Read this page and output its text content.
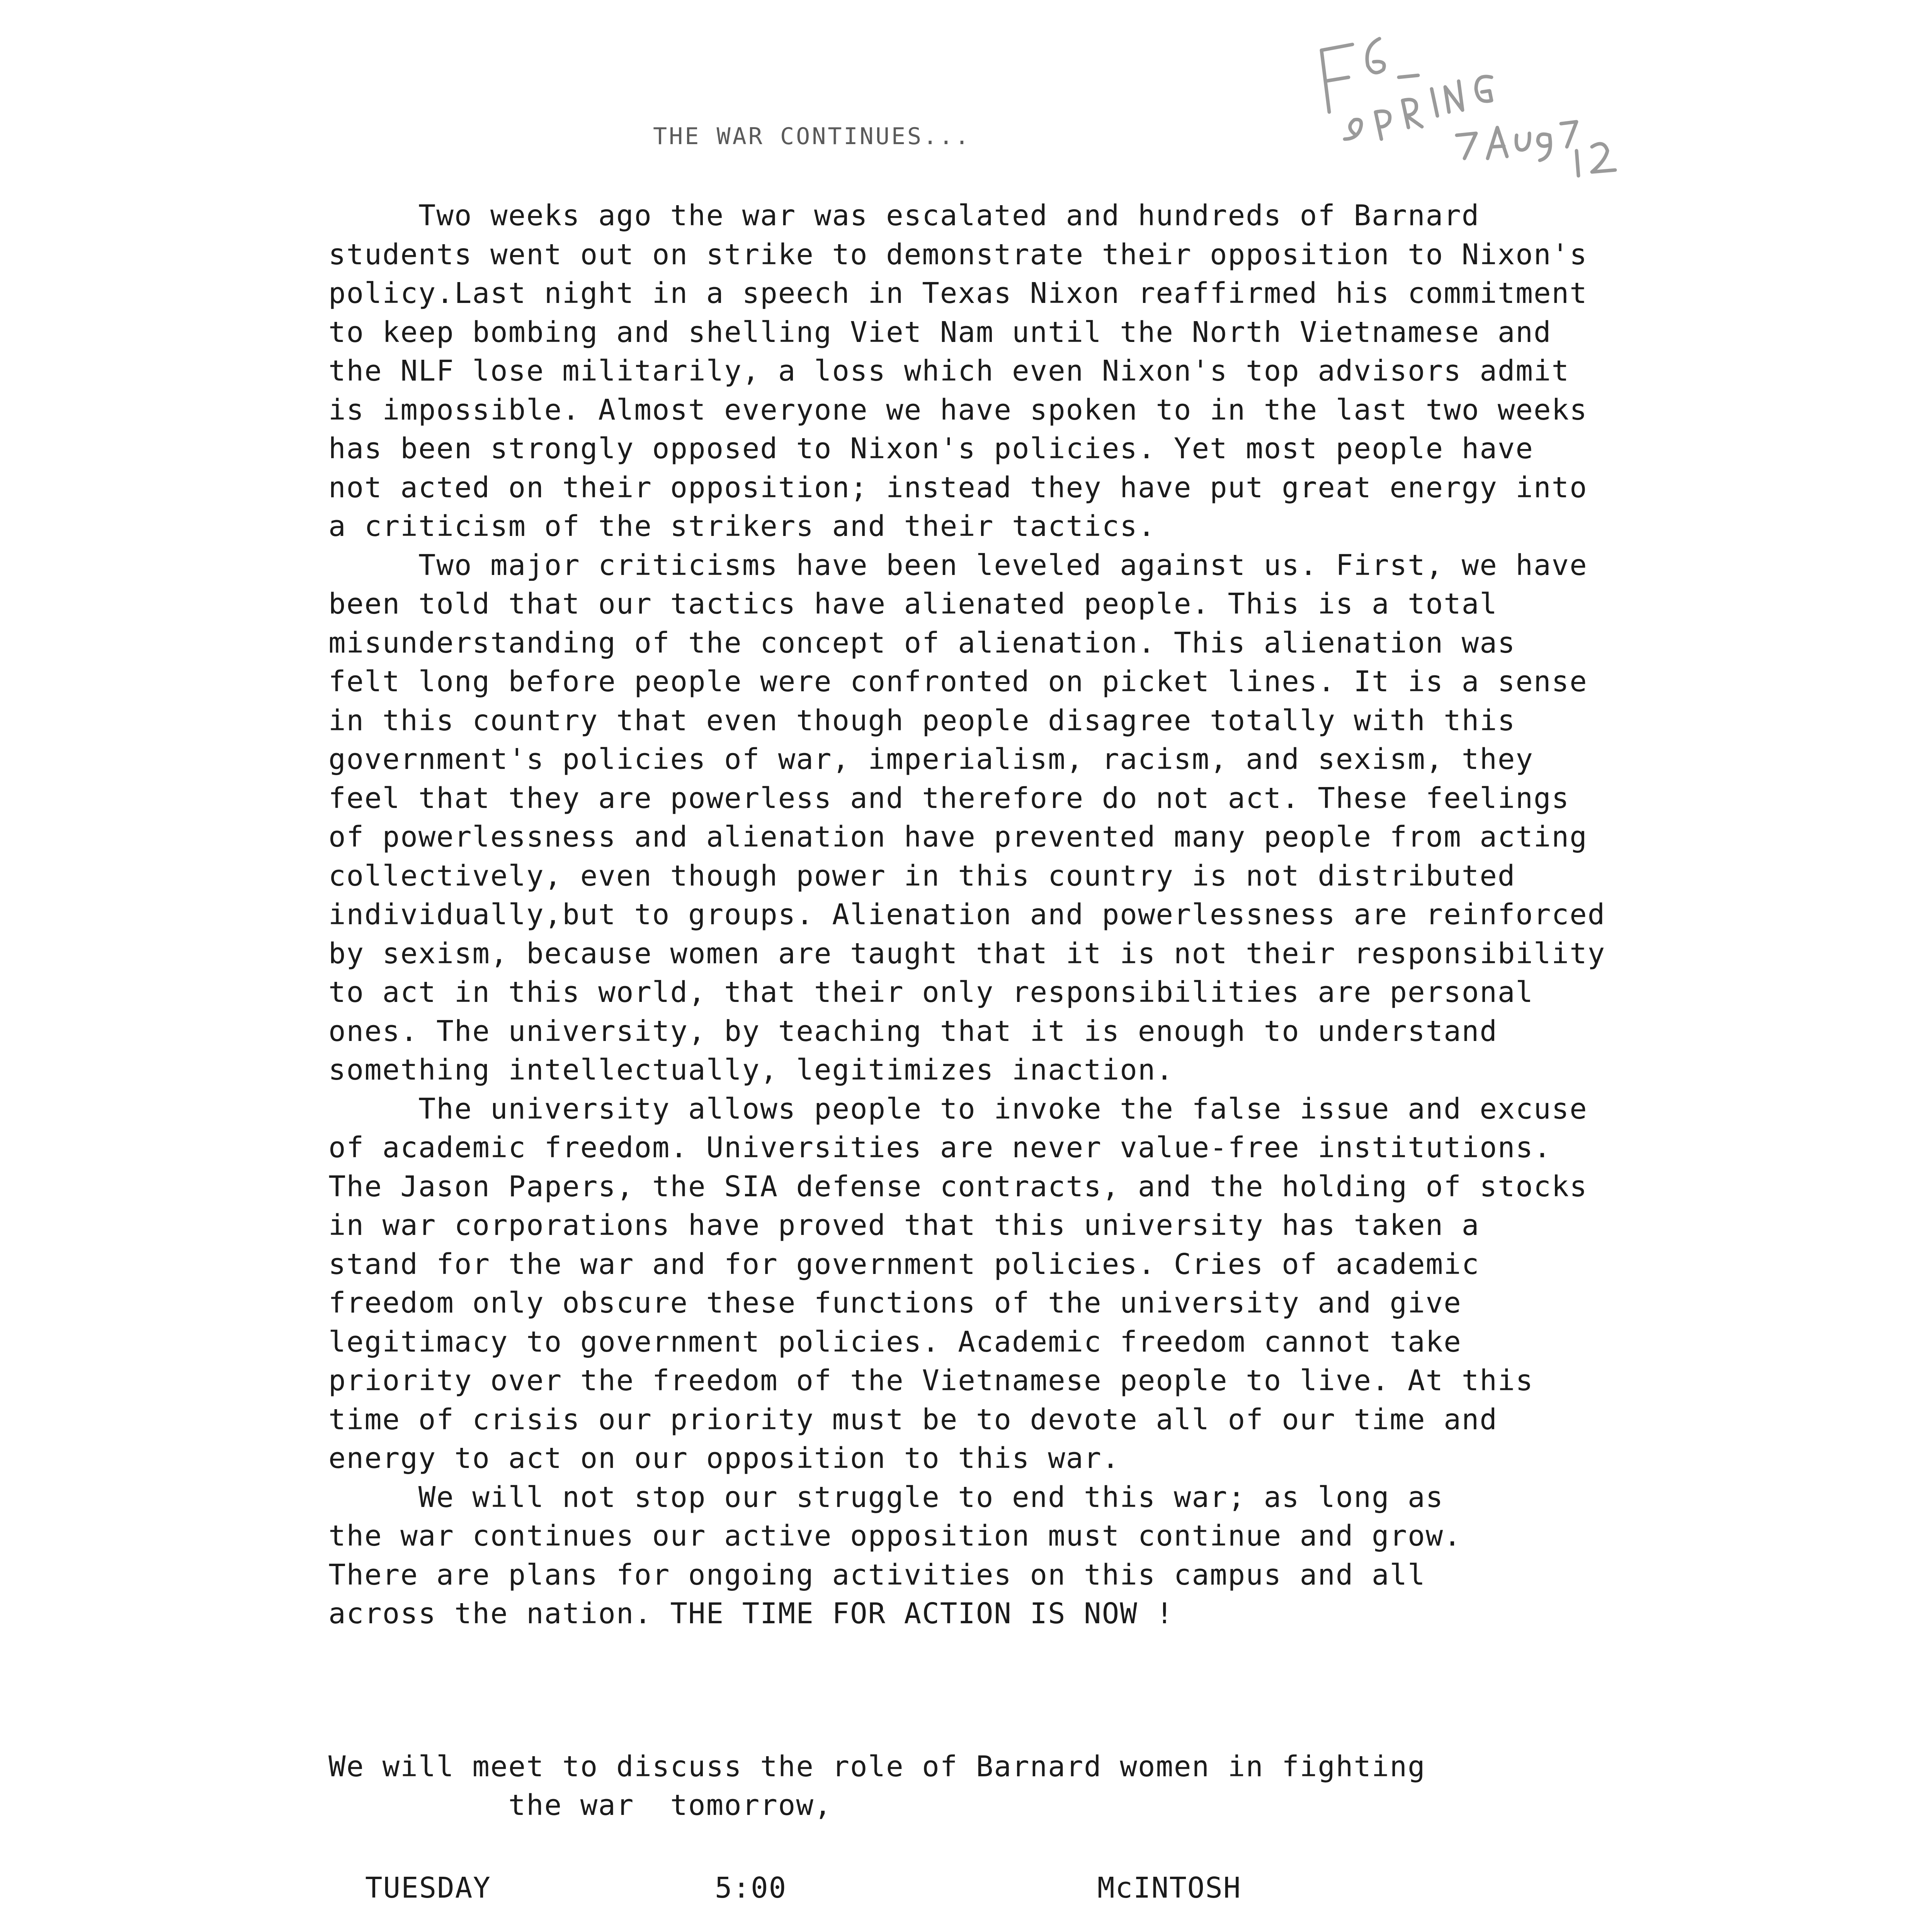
THE WAR CONTINUES...
Two weeks ago the war was escalated and hundreds of Barnard
students went out on strike to demonstrate their opposition to Nixon's
policy.Last night in a speech in Texas Nixon reaffirmed his commitment
to keep bombing and shelling Viet Nam until the North Vietnamese and
the NLF lose militarily, a loss which even Nixon's top advisors admit
is impossible. Almost everyone we have spoken to in the last two weeks
has been strongly opposed to Nixon's policies. Yet most people have
not acted on their opposition; instead they have put great energy into
a criticism of the strikers and their tactics.
Two major criticisms have been leveled against us. First, we have
been told that our tactics have alienated people. This is a total
misunderstanding of the concept of alienation. This alienation was
felt long before people were confronted on picket lines. It is a sense
in this country that even though people disagree totally with this
government's policies of war, imperialism, racism, and sexism, they
feel that they are powerless and therefore do not act. These feelings
of powerlessness and alienation have prevented many people from acting
collectively, even though power in this country is not distributed
individually,but to groups. Alienation and powerlessness are reinforced
by sexism, because women are taught that it is not their responsibility
to act in this world, that their only responsibilities are personal
ones. The university, by teaching that it is enough to understand
something intellectually, legitimizes inaction.
The university allows people to invoke the false issue and excuse
of academic freedom. Universities are never value-free institutions.
The Jason Papers, the SIA defense contracts, and the holding of stocks
in war corporations have proved that this university has taken a
stand for the war and for government policies. Cries of academic
freedom only obscure these functions of the university and give
legitimacy to government policies. Academic freedom cannot take
priority over the freedom of the Vietnamese people to live. At this
time of crisis our priority must be to devote all of our time and
energy to act on our opposition to this war.
We will not stop our struggle to end this war; as long as
the war continues our active opposition must continue and grow.
There are plans for ongoing activities on this campus and all
across the nation. THE TIME FOR ACTION IS NOW !
We will meet to discuss the role of Barnard women in fighting
the war  tomorrow,
TUESDAY	5:00	McINTOSH
